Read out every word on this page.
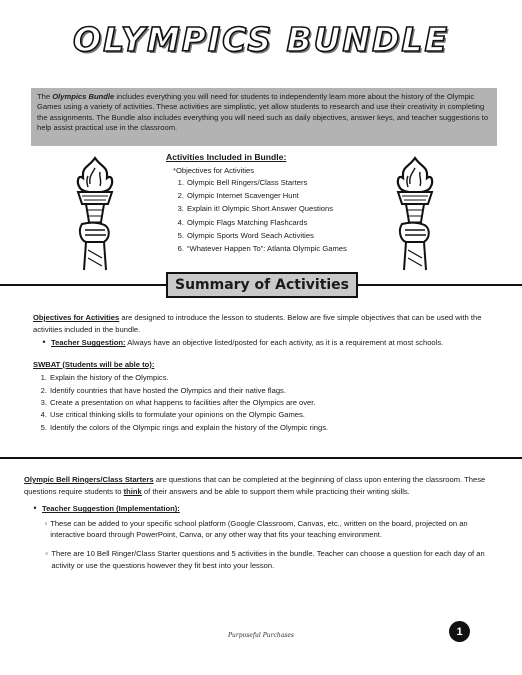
OLYMPICS BUNDLE
The Olympics Bundle includes everything you will need for students to independently learn more about the history of the Olympic Games using a variety of activities. These activities are simplistic, yet allow students to research and use their creativity in completing the assignments. The Bundle also includes everything you will need such as daily objectives, answer keys, and teacher suggestions to help assist practical use in the classroom.
Activities Included in Bundle:
*Objectives for Activities
1. Olympic Bell Ringers/Class Starters
2. Olympic Internet Scavenger Hunt
3. Explain it! Olympic Short Answer Questions
4. Olympic Flags Matching Flashcards
5. Olympic Sports Word Seach Activities
6. “Whatever Happen To”: Atlanta Olympic Games
Summary of Activities
Objectives for Activities are designed to introduce the lesson to students. Below are five simple objectives that can be used with the activities included in the bundle.
• Teacher Suggestion: Always have an objective listed/posted for each activity, as it is a requirement at most schools.
SWBAT (Students will be able to):
1. Explain the history of the Olympics.
2. Identify countries that have hosted the Olympics and their native flags.
3. Create a presentation on what happens to facilities after the Olympics are over.
4. Use critical thinking skills to formulate your opinions on the Olympic Games.
5. Identify the colors of the Olympic rings and explain the history of the Olympic rings.
Olympic Bell Ringers/Class Starters are questions that can be completed at the beginning of class upon entering the classroom. These questions require students to think of their answers and be able to support them while practicing their writing skills.
• Teacher Suggestion (Implementation):
◦ These can be added to your specific school platform (Google Classroom, Canvas, etc., written on the board, projected on an interactive board through PowerPoint, Canva, or any other way that fits your teaching environment.
◦ There are 10 Bell Ringer/Class Starter questions and 5 activities in the bundle. Teacher can choose a question for each day of an activity or use the questions however they fit best into your lesson.
Purposeful Purchases	1
